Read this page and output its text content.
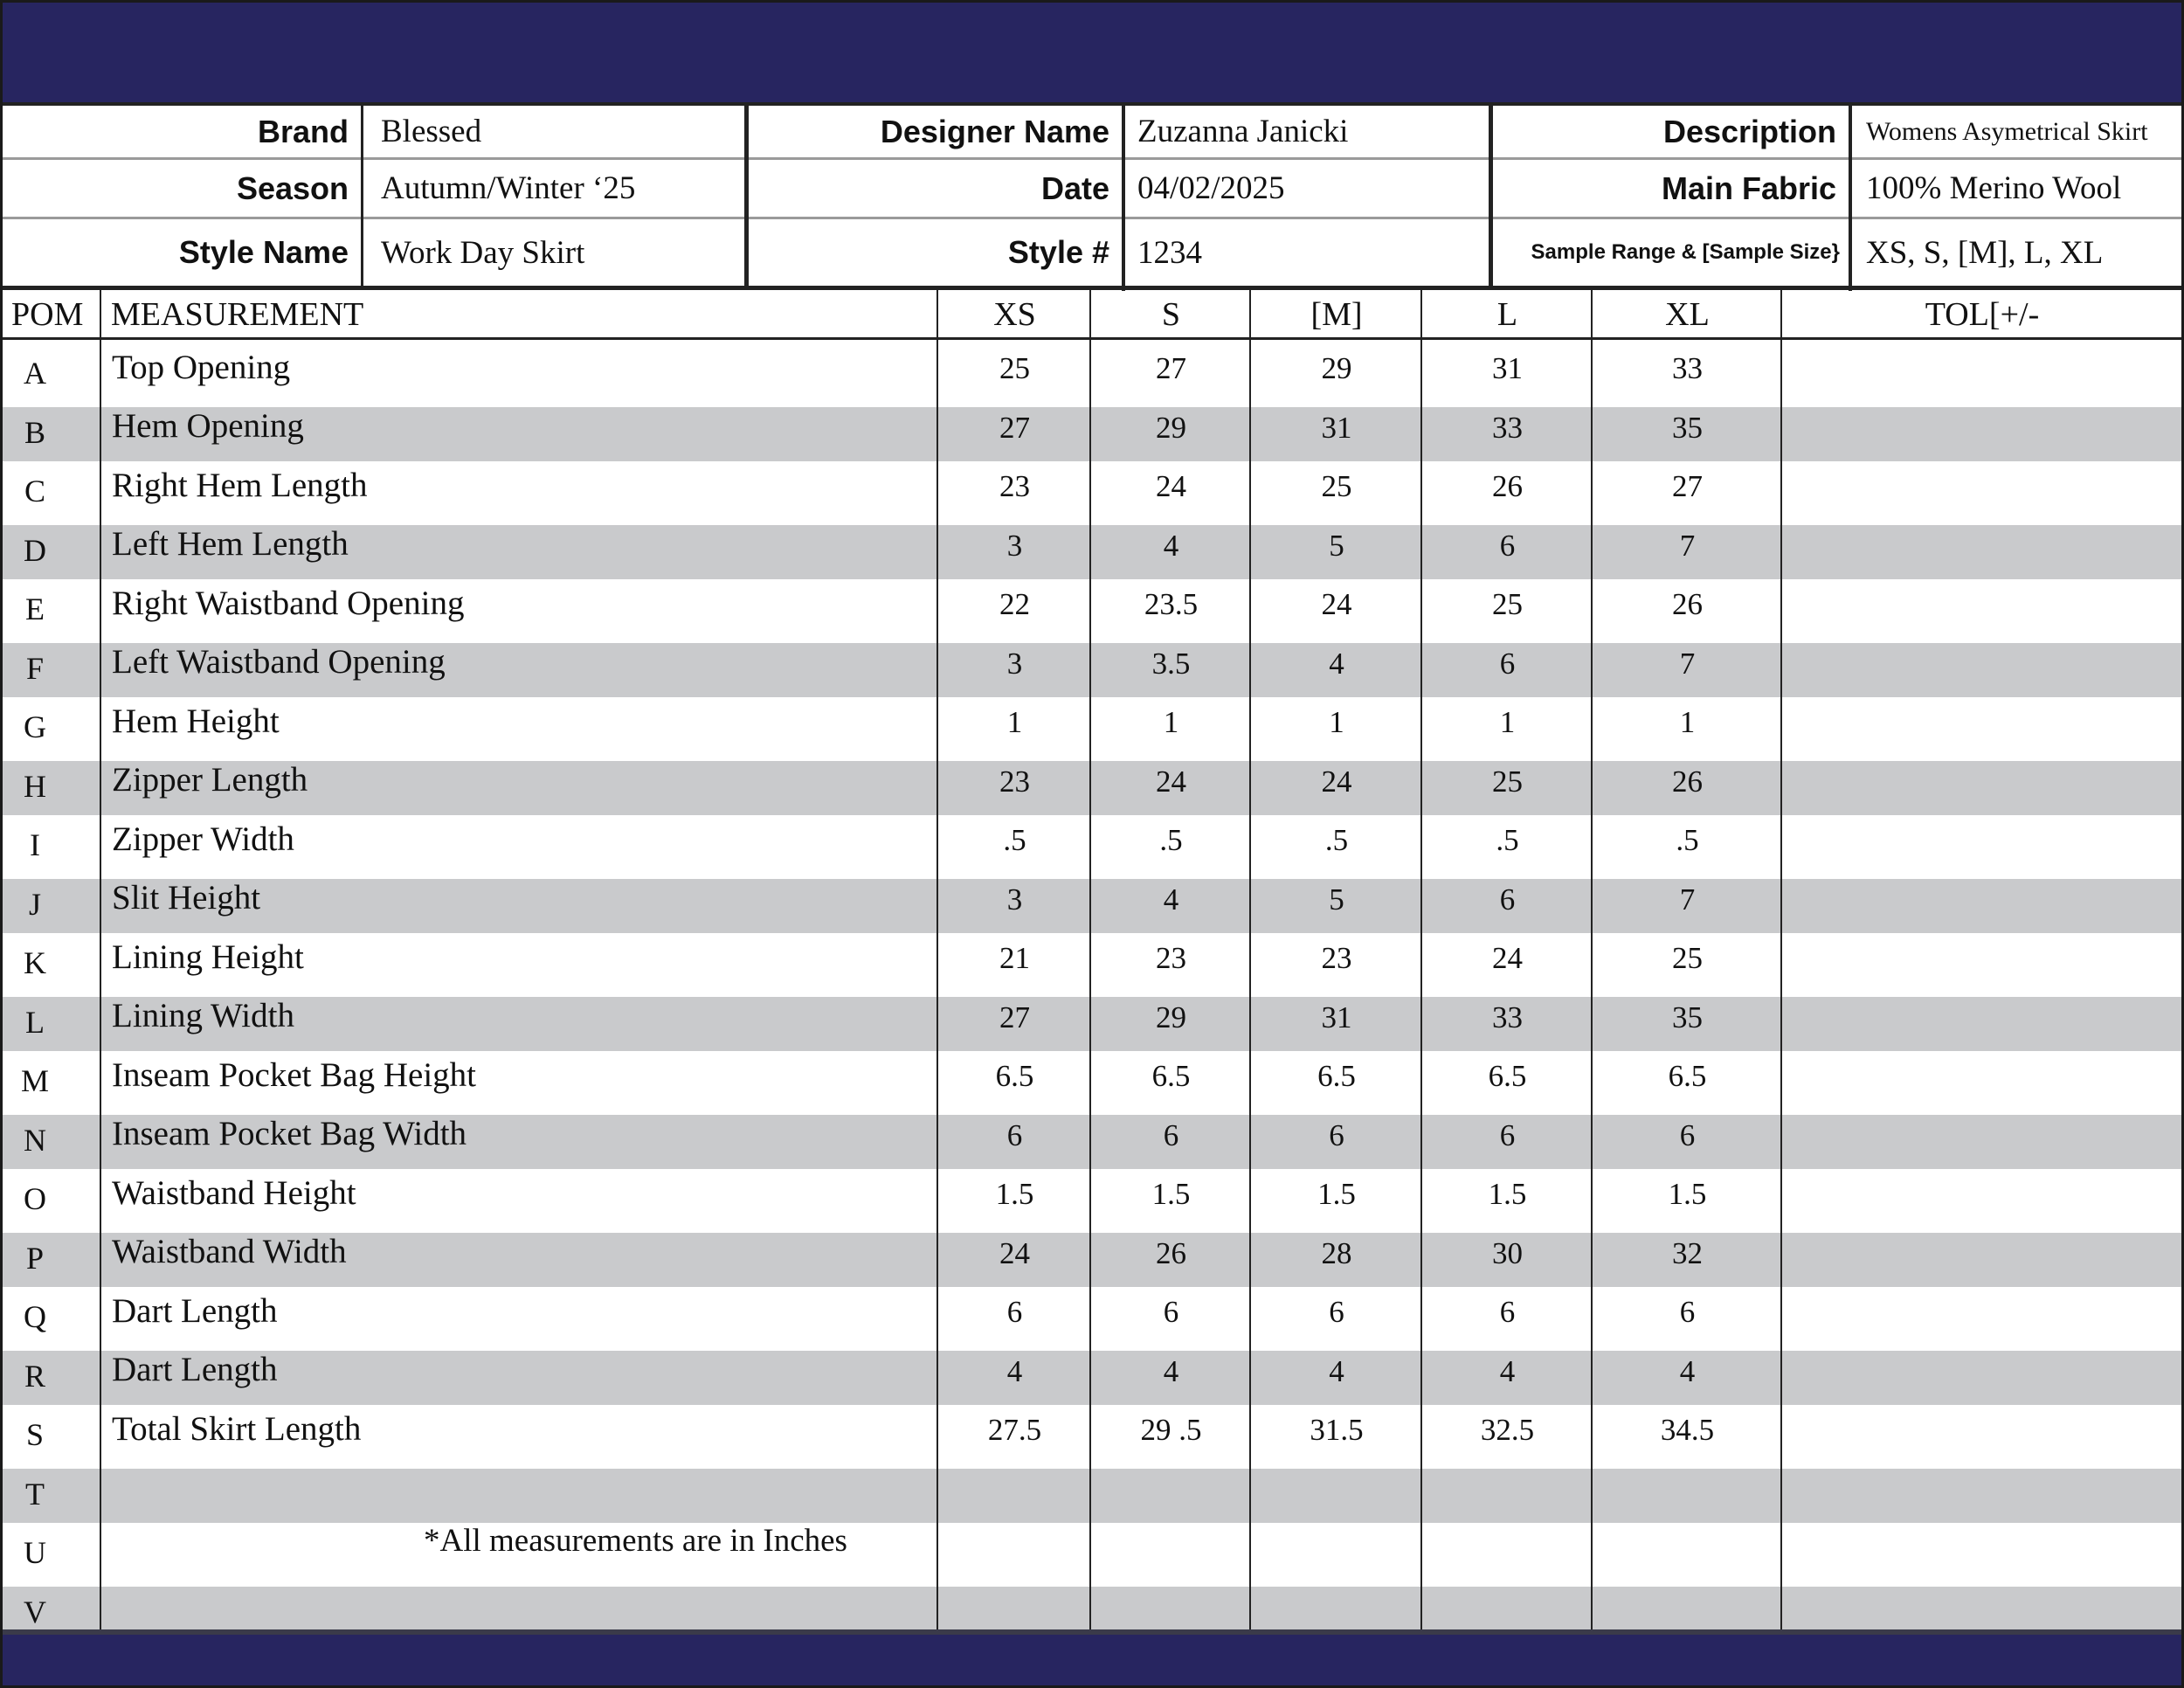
Brand	Blessed	Designer Name Zuzanna Janicki	Description	Womens Asymetrical Skirt
Season	Autumn/Winter ‘25	Date 04/02/2025	Main Fabric 100% Merino Wool
Style Name	Work Day Skirt	Style # 1234	Sample Range & [Sample Size} XS, S, [M], L, XL
POM MEASUREMENT	XS	S	[M]	L	XL	TOL[+/-
A	Top Opening	25	27	29	31	33
B	Hem Opening	27	29	31	33	35
C	Right Hem Length	23	24	25	26	27
D	Left Hem Length	3	4	5	6	7
E	Right Waistband Opening	22	23.5	24	25	26
F	Left Waistband Opening	3	3.5	4	6	7
G	Hem Height	1	1	1	1	1
H	Zipper Length	23	24	24	25	26
I	Zipper Width	.5	.5	.5	.5	.5
J	Slit Height	3	4	5	6	7
K	Lining Height	21	23	23	24	25
L	Lining Width	27	29	31	33	35
M	Inseam Pocket Bag Height	6.5	6.5	6.5	6.5	6.5
N	Inseam Pocket Bag Width	6	6	6	6	6
O	Waistband Height	1.5	1.5	1.5	1.5	1.5
P	Waistband Width	24	26	28	30	32
Q	Dart Length	6	6	6	6	6
R	Dart Length	4	4	4	4	4
S	Total Skirt Length	27.5	29 .5	31.5	32.5	34.5
T
U
V
*All measurements are in Inches
